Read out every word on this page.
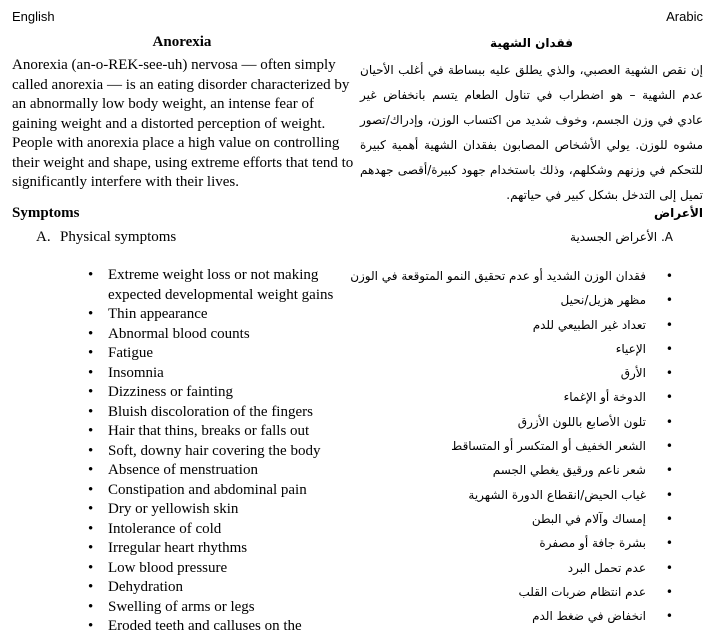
English
Anorexia
Anorexia (an-o-REK-see-uh) nervosa — often simply called anorexia — is an eating disorder characterized by an abnormally low body weight, an intense fear of gaining weight and a distorted perception of weight. People with anorexia place a high value on controlling their weight and shape, using extreme efforts that tend to significantly interfere with their lives.
Symptoms
A. Physical symptoms
• Extreme weight loss or not making expected developmental weight gains
• Thin appearance
• Abnormal blood counts
• Fatigue
• Insomnia
• Dizziness or fainting
• Bluish discoloration of the fingers
• Hair that thins, breaks or falls out
• Soft, downy hair covering the body
• Absence of menstruation
• Constipation and abdominal pain
• Dry or yellowish skin
• Intolerance of cold
• Irregular heart rhythms
• Low blood pressure
• Dehydration
• Swelling of arms or legs
• Eroded teeth and calluses on the
Arabic
فقدان الشهية
إن نقص الشهية العصبي، والذي يطلق عليه ببساطة في أغلب الأحيان عدم الشهية – هو اضطراب في تناول الطعام يتسم بانخفاض غير عادي في وزن الجسم، وخوف شديد من اكتساب الوزن، وإدراك/تصور مشوه للوزن. يولي الأشخاص المصابون بفقدان الشهية أهمية كبيرة للتحكم في وزنهم وشكلهم، وذلك باستخدام جهود كبيرة/أقصى جهدهم تميل إلى التدخل بشكل كبير في حياتهم.
الأعراض
A. الأعراض الجسدية
• فقدان الوزن الشديد أو عدم تحقيق النمو المتوقعة في الوزن
• مظهر هزيل/نحيل
• تعداد غير الطبيعي للدم
• الإعياء
• الأرق
• الدوخة أو الإغماء
• تلون الأصابع باللون الأزرق
• الشعر الخفيف أو المتكسر أو المتساقط
• شعر ناعم ورقيق يغطي الجسم
• غياب الحيض/انقطاع الدورة الشهرية
• إمساك وآلام في البطن
• بشرة جافة أو مصفرة
• عدم تحمل البرد
• عدم انتظام ضربات القلب
• انخفاض في ضغط الدم
